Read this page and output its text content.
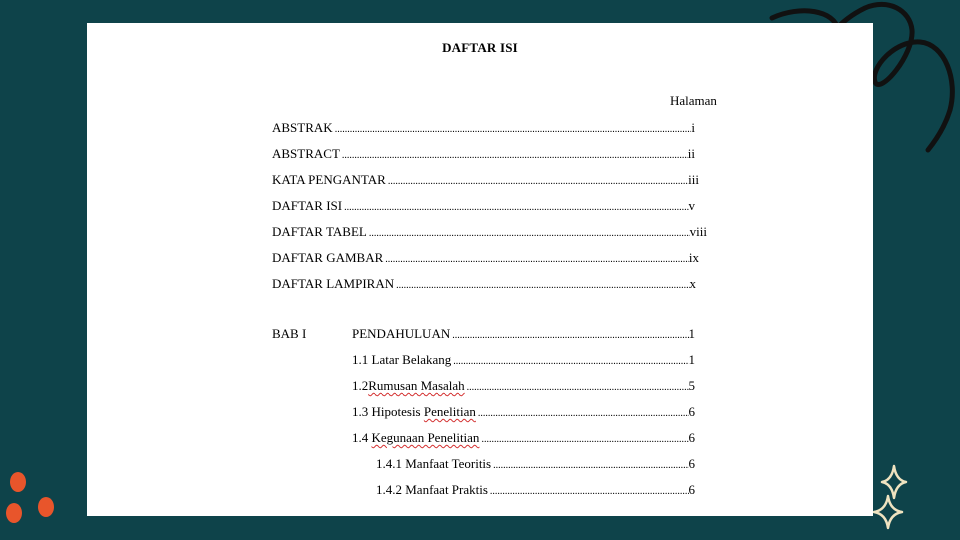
DAFTAR ISI
Halaman
ABSTRAK .....	i
ABSTRACT .....	ii
KATA PENGANTAR .....	iii
DAFTAR ISI .....	v
DAFTAR TABEL .....	viii
DAFTAR GAMBAR .....	ix
DAFTAR LAMPIRAN .....	x
BAB I	PENDAHULUAN .....	1
1.1 Latar Belakang .....	1
1.2 Rumusan Masalah .....	5
1.3 Hipotesis Penelitian .....	6
1.4 Kegunaan Penelitian .....	6
1.4.1 Manfaat Teoritis .....	6
1.4.2 Manfaat Praktis .....	6
